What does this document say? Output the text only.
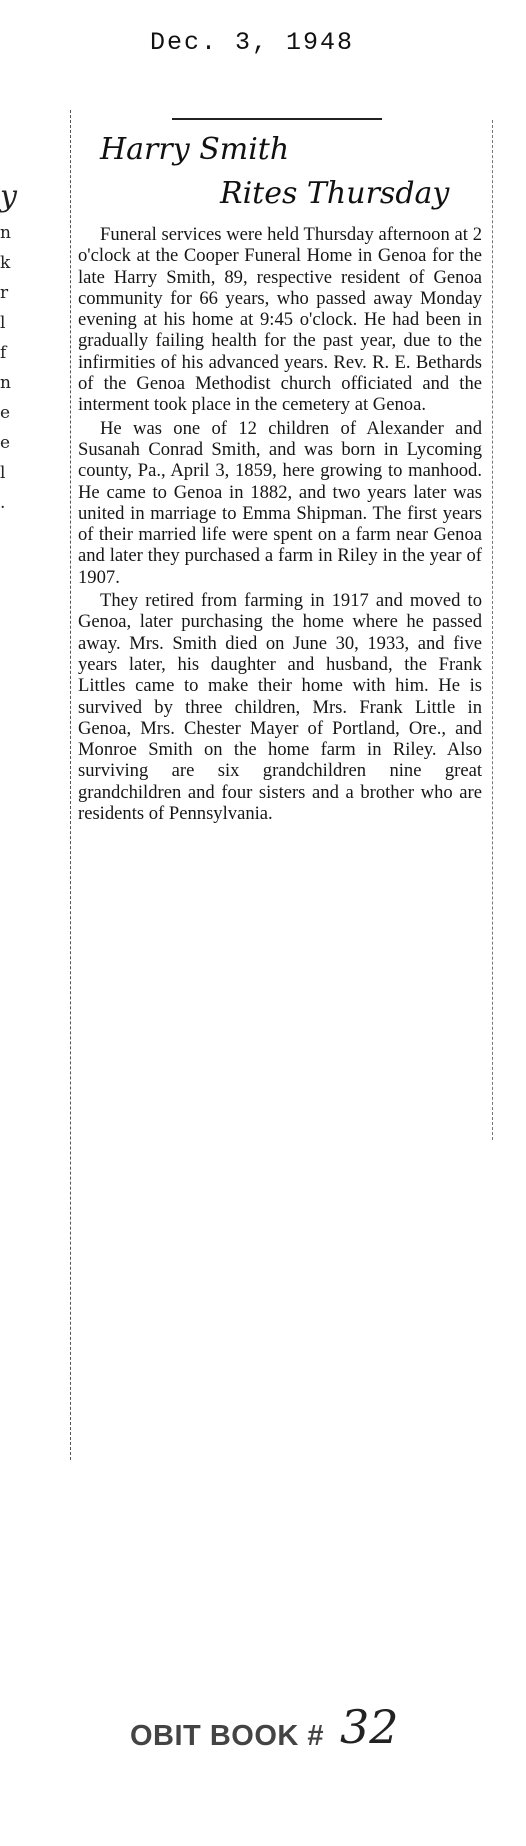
Dec. 3, 1948
y
n
k
r
l
f
n
e
e
l
.
Harry Smith
Rites Thursday

Funeral services were held Thursday afternoon at 2 o'clock at the Cooper Funeral Home in Genoa for the late Harry Smith, 89, respective resident of Genoa community for 66 years, who passed away Monday evening at his home at 9:45 o'clock. He had been in gradually failing health for the past year, due to the infirmities of his advanced years. Rev. R. E. Bethards of the Genoa Methodist church officiated and the interment took place in the cemetery at Genoa.

He was one of 12 children of Alexander and Susanah Conrad Smith, and was born in Lycoming county, Pa., April 3, 1859, here growing to manhood. He came to Genoa in 1882, and two years later was united in marriage to Emma Shipman. The first years of their married life were spent on a farm near Genoa and later they purchased a farm in Riley in the year of 1907.

They retired from farming in 1917 and moved to Genoa, later purchasing the home where he passed away. Mrs. Smith died on June 30, 1933, and five years later, his daughter and husband, the Frank Littles came to make their home with him. He is survived by three children, Mrs. Frank Little in Genoa, Mrs. Chester Mayer of Portland, Ore., and Monroe Smith on the home farm in Riley. Also surviving are six grandchildren nine great grandchildren and four sisters and a brother who are residents of Pennsylvania.

OBIT BOOK # 32
